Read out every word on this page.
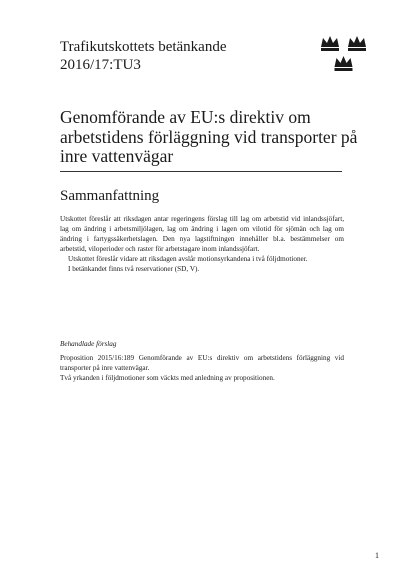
Trafikutskottets betänkande
2016/17:TU3
Genomförande av EU:s direktiv om arbetstidens förläggning vid transporter på inre vattenvägar
Sammanfattning

Utskottet föreslår att riksdagen antar regeringens förslag till lag om arbetstid vid inlandssjöfart, lag om ändring i arbetsmiljölagen, lag om ändring i lagen om vilotid för sjömän och lag om ändring i fartygssäkerhetslagen. Den nya lagstiftningen innehåller bl.a. bestämmelser om arbetstid, viloperioder och raster för arbetstagare inom inlandssjöfart.

Utskottet föreslår vidare att riksdagen avslår motionsyrkandena i två följdmotioner.

I betänkandet finns två reservationer (SD, V).

Behandlade förslag

Proposition 2015/16:189 Genomförande av EU:s direktiv om arbetstidens förläggning vid transporter på inre vattenvägar.

Två yrkanden i följdmotioner som väckts med anledning av propositionen.

1
